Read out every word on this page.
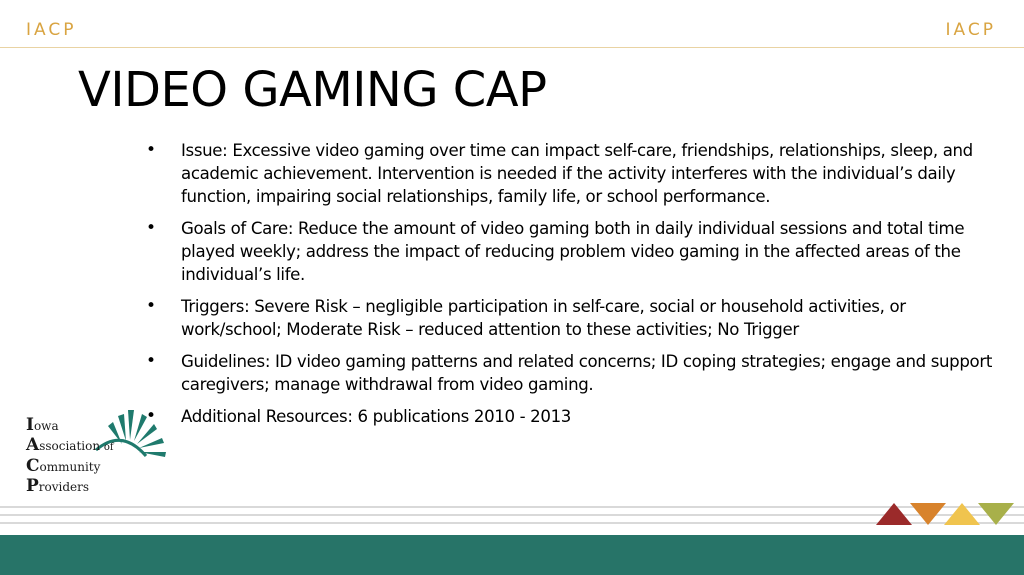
IACP	IACP
VIDEO GAMING CAP
•	Issue: Excessive video gaming over time can impact self-care, friendships, relationships, sleep, and academic achievement. Intervention is needed if the activity interferes with the individual’s daily function, impairing social relationships, family life, or school performance.
•	Goals of Care: Reduce the amount of video gaming both in daily individual sessions and total time played weekly; address the impact of reducing problem video gaming in the affected areas of the individual’s life.
•	Triggers: Severe Risk – negligible participation in self-care, social or household activities, or work/school; Moderate Risk – reduced attention to these activities; No Trigger
•	Guidelines: ID video gaming patterns and related concerns; ID coping strategies; engage and support caregivers; manage withdrawal from video gaming.
•	Additional Resources: 6 publications 2010 - 2013
Iowa
Association of
Community
Providers
